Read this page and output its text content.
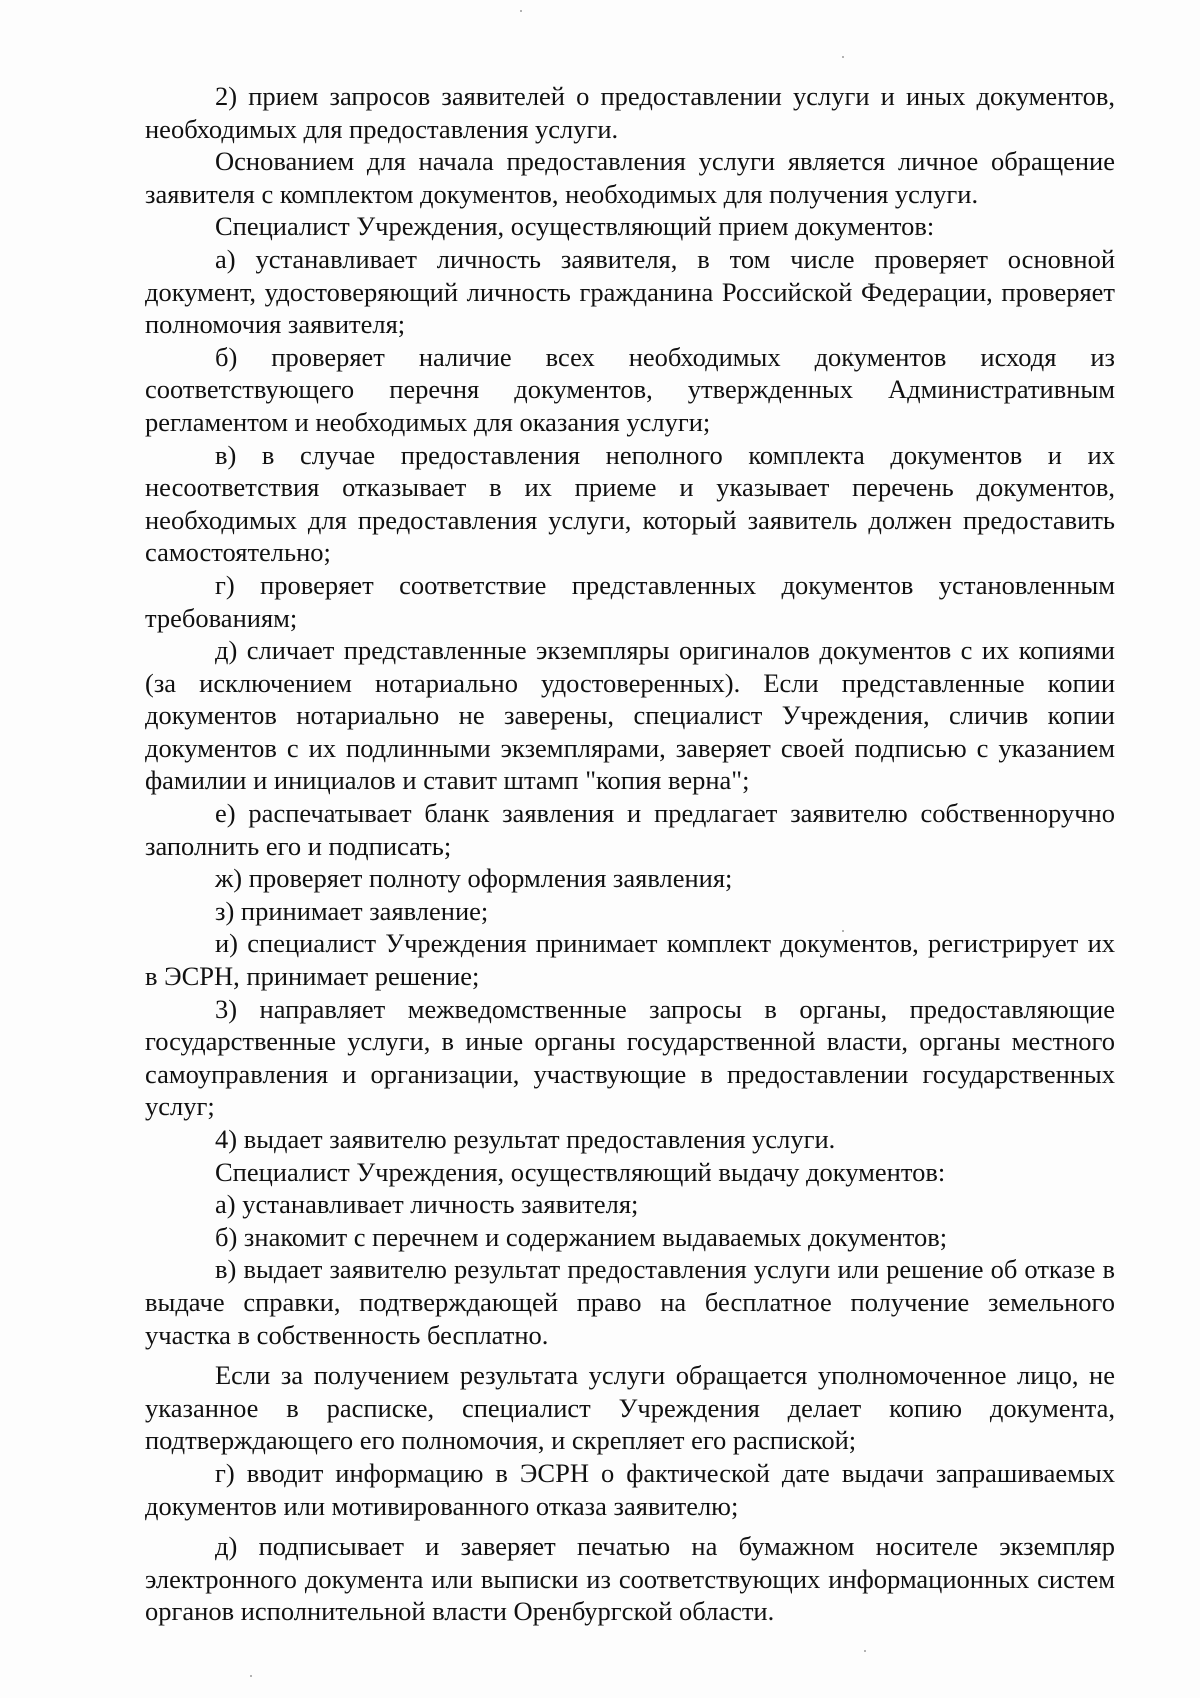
2) прием запросов заявителей о предоставлении услуги и иных документов, необходимых для предоставления услуги.

Основанием для начала предоставления услуги является личное обращение заявителя с комплектом документов, необходимых для получения услуги.

Специалист Учреждения, осуществляющий прием документов:

а) устанавливает личность заявителя, в том числе проверяет основной документ, удостоверяющий личность гражданина Российской Федерации, проверяет полномочия заявителя;

б) проверяет наличие всех необходимых документов исходя из соответствующего перечня документов, утвержденных Административным регламентом и необходимых для оказания услуги;

в) в случае предоставления неполного комплекта документов и их несоответствия отказывает в их приеме и указывает перечень документов, необходимых для предоставления услуги, который заявитель должен предоставить самостоятельно;

г) проверяет соответствие представленных документов установленным требованиям;

д) сличает представленные экземпляры оригиналов документов с их копиями (за исключением нотариально удостоверенных). Если представленные копии документов нотариально не заверены, специалист Учреждения, сличив копии документов с их подлинными экземплярами, заверяет своей подписью с указанием фамилии и инициалов и ставит штамп "копия верна";

е) распечатывает бланк заявления и предлагает заявителю собственноручно заполнить его и подписать;

ж) проверяет полноту оформления заявления;

з) принимает заявление;

и) специалист Учреждения принимает комплект документов, регистрирует их в ЭСРН, принимает решение;

3) направляет межведомственные запросы в органы, предоставляющие государственные услуги, в иные органы государственной власти, органы местного самоуправления и организации, участвующие в предоставлении государственных услуг;

4) выдает заявителю результат предоставления услуги.

Специалист Учреждения, осуществляющий выдачу документов:

а) устанавливает личность заявителя;

б) знакомит с перечнем и содержанием выдаваемых документов;

в) выдает заявителю результат предоставления услуги или решение об отказе в выдаче справки, подтверждающей право на бесплатное получение земельного участка в собственность бесплатно.

Если за получением результата услуги обращается уполномоченное лицо, не указанное в расписке, специалист Учреждения делает копию документа, подтверждающего его полномочия, и скрепляет его распиской;

г) вводит информацию в ЭСРН о фактической дате выдачи запрашиваемых документов или мотивированного отказа заявителю;

д) подписывает и заверяет печатью на бумажном носителе экземпляр электронного документа или выписки из соответствующих информационных систем органов исполнительной власти Оренбургской области.
